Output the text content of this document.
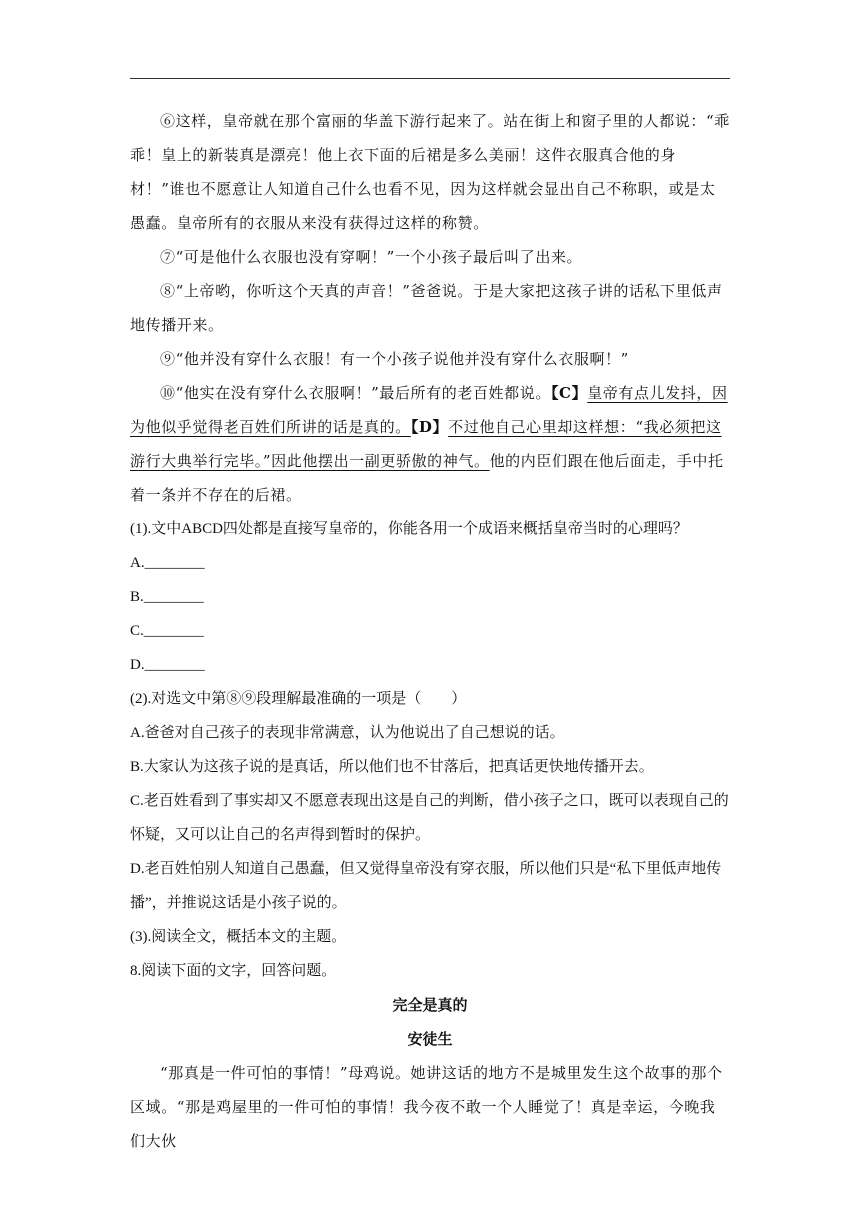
⑥这样，皇帝就在那个富丽的华盖下游行起来了。站在街上和窗子里的人都说：“乖乖！皇上的新装真是漂亮！他上衣下面的后裙是多么美丽！这件衣服真合他的身材！”谁也不愿意让人知道自己什么也看不见，因为这样就会显出自己不称职，或是太愚蠢。皇帝所有的衣服从来没有获得过这样的称赞。

⑦“可是他什么衣服也没有穿啊！”一个小孩子最后叫了出来。

⑧“上帝哟，你听这个天真的声音！”爸爸说。于是大家把这孩子讲的话私下里低声地传播开来。

⑨“他并没有穿什么衣服！有一个小孩子说他并没有穿什么衣服啊！”

⑩“他实在没有穿什么衣服啊！”最后所有的老百姓都说。【C】皇帝有点儿发抖，因为他似乎觉得老百姓们所讲的话是真的。【D】不过他自己心里却这样想：“我必须把这游行大典举行完毕。”因此他摆出一副更骄傲的神气。他的内臣们跟在他后面走，手中托着一条并不存在的后裙。

(1).文中ABCD四处都是直接写皇帝的，你能各用一个成语来概括皇帝当时的心理吗？

A.________

B.________

C.________

D.________

(2).对选文中第⑧⑨段理解最准确的一项是（　　）

A.爸爸对自己孩子的表现非常满意，认为他说出了自己想说的话。

B.大家认为这孩子说的是真话，所以他们也不甘落后，把真话更快地传播开去。

C.老百姓看到了事实却又不愿意表现出这是自己的判断，借小孩子之口，既可以表现自己的怀疑，又可以让自己的名声得到暂时的保护。

D.老百姓怕别人知道自己愚蠢，但又觉得皇帝没有穿衣服，所以他们只是“私下里低声地传播”，并推说这话是小孩子说的。

(3).阅读全文，概括本文的主题。

8.阅读下面的文字，回答问题。

完全是真的

安徒生

“那真是一件可怕的事情！”母鸡说。她讲这话的地方不是城里发生这个故事的那个区域。“那是鸡屋里的一件可怕的事情！我今夜不敢一个人睡觉了！真是幸运，今晚我们大伙
